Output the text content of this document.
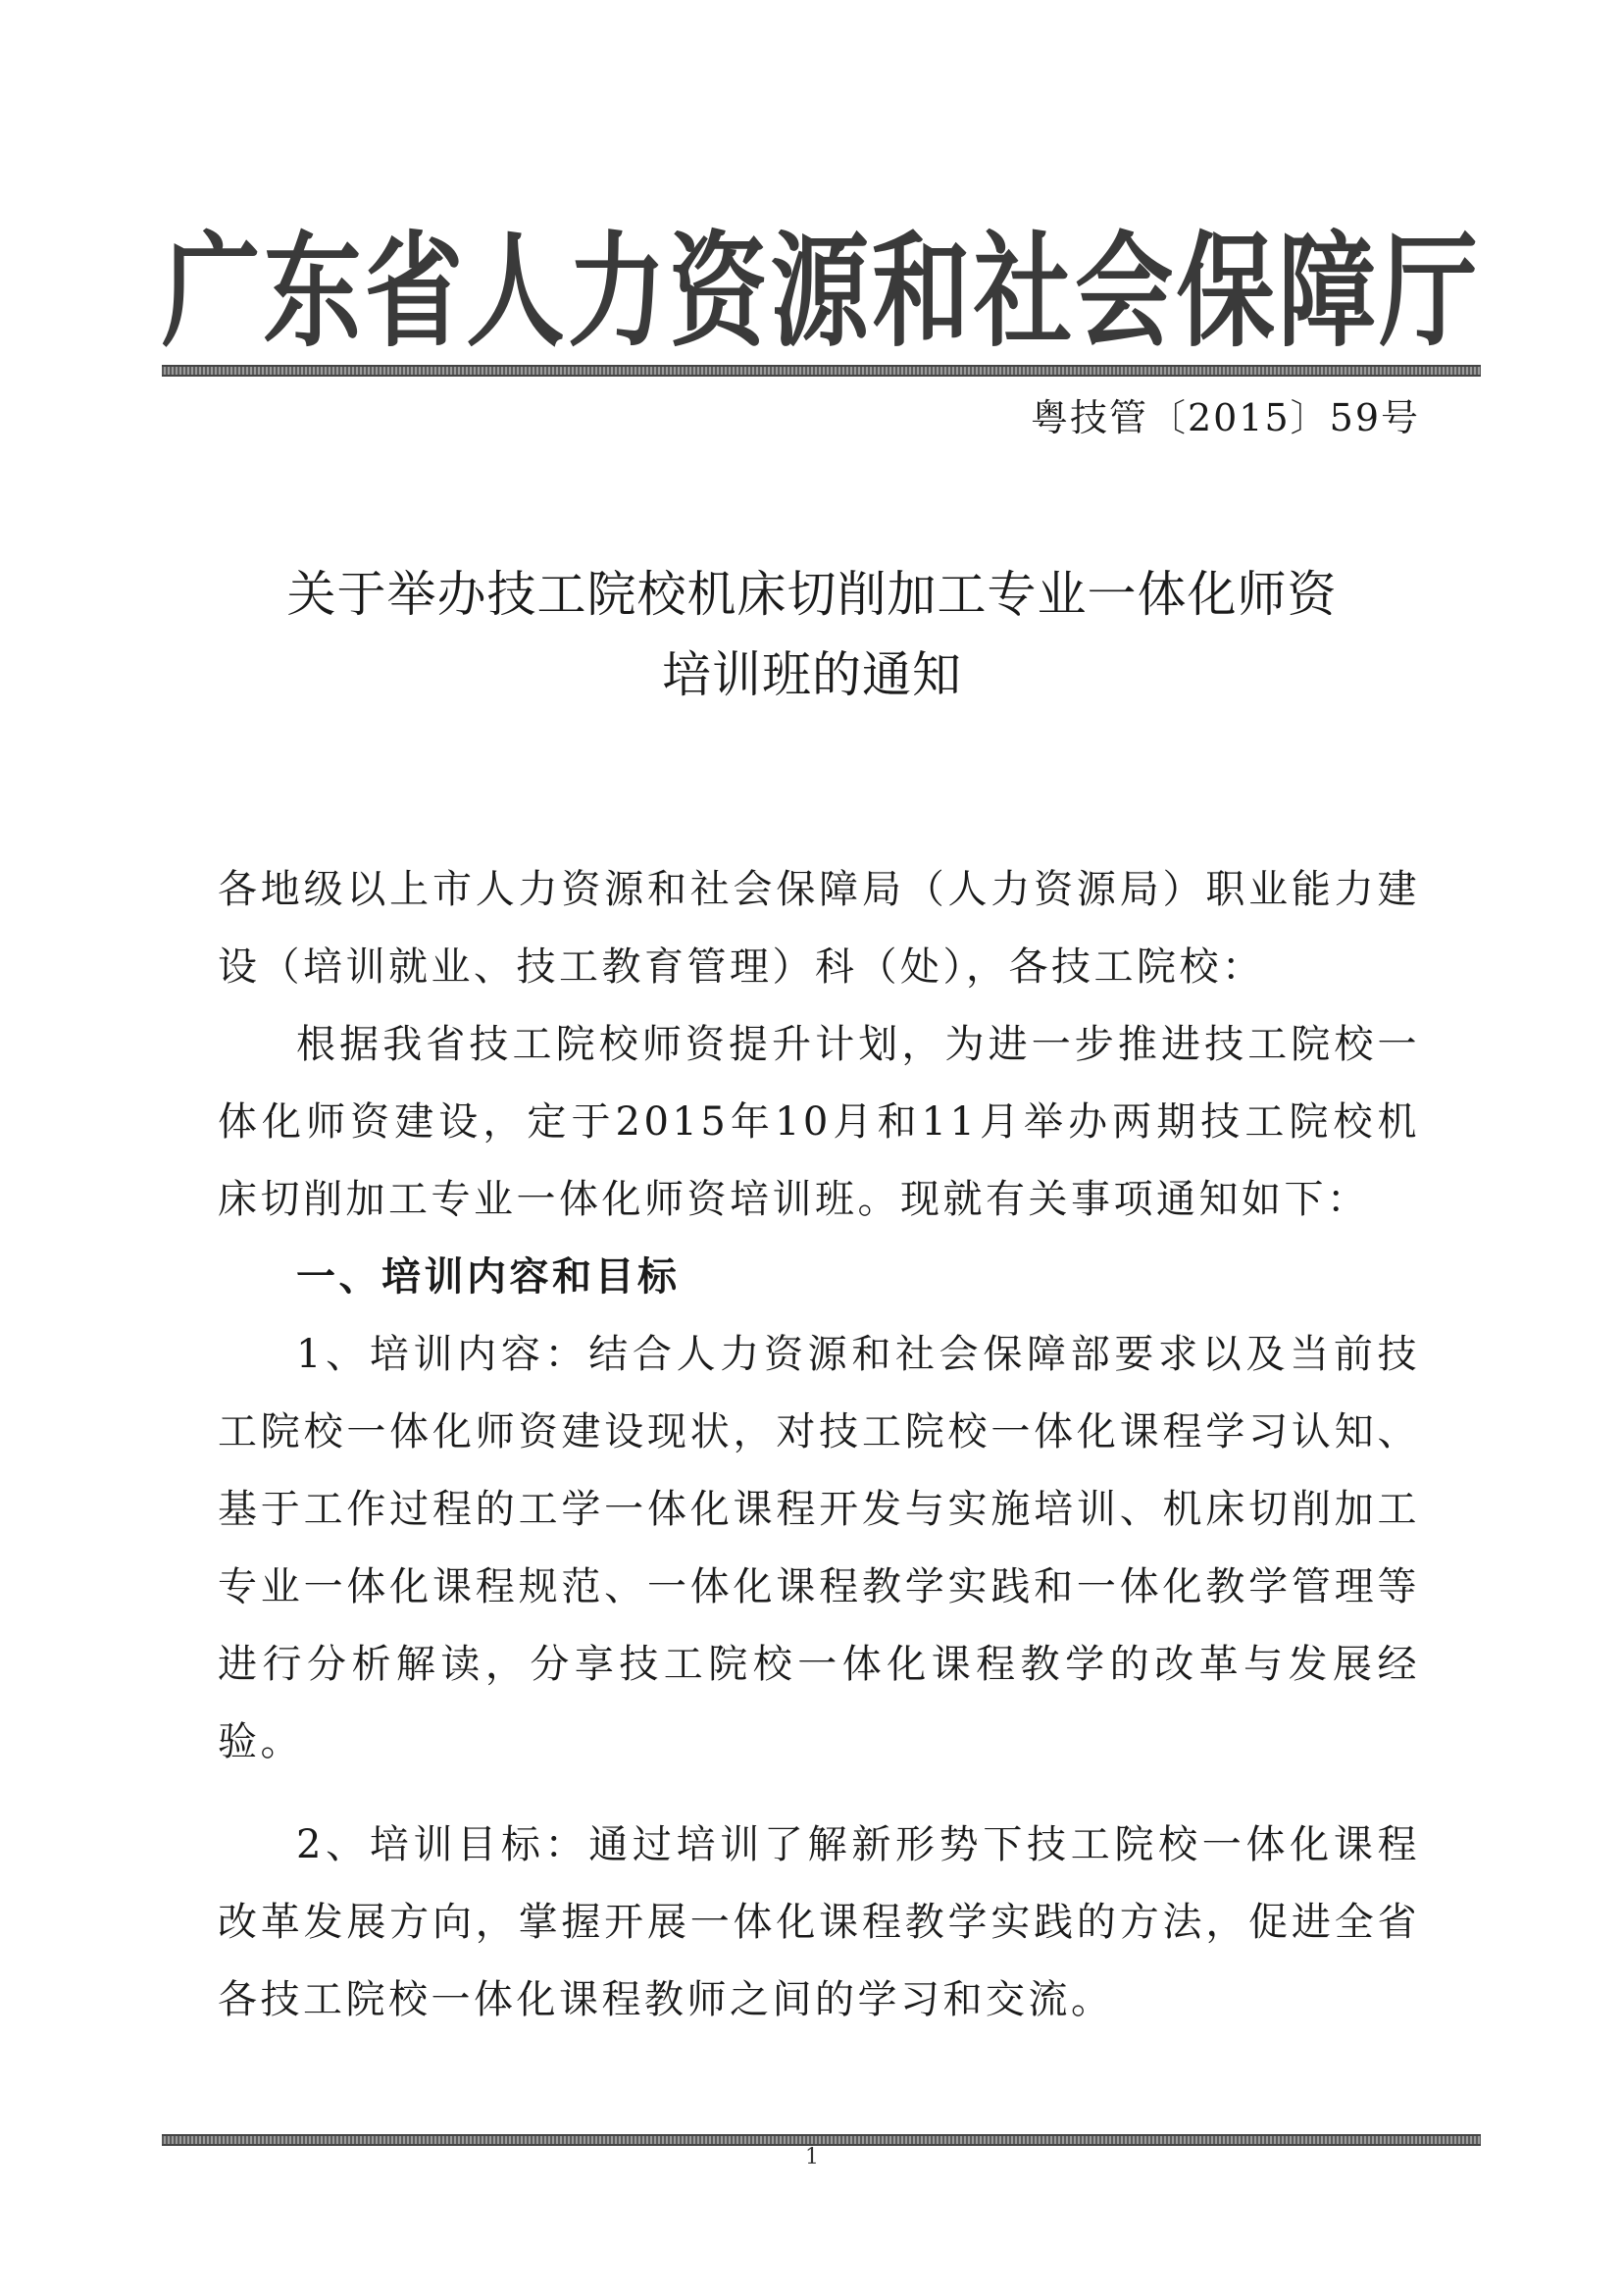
广东省人力资源和社会保障厅
粤技管〔2015〕59号
关于举办技工院校机床切削加工专业一体化师资
培训班的通知

各地级以上市人力资源和社会保障局（人力资源局）职业能力建设（培训就业、技工教育管理）科（处），各技工院校：

根据我省技工院校师资提升计划，为进一步推进技工院校一体化师资建设，定于2015年10月和11月举办两期技工院校机床切削加工专业一体化师资培训班。现就有关事项通知如下：

一、培训内容和目标

1、培训内容：结合人力资源和社会保障部要求以及当前技工院校一体化师资建设现状，对技工院校一体化课程学习认知、基于工作过程的工学一体化课程开发与实施培训、机床切削加工专业一体化课程规范、一体化课程教学实践和一体化教学管理等进行分析解读，分享技工院校一体化课程教学的改革与发展经验。

2、培训目标：通过培训了解新形势下技工院校一体化课程改革发展方向，掌握开展一体化课程教学实践的方法，促进全省各技工院校一体化课程教师之间的学习和交流。

1
